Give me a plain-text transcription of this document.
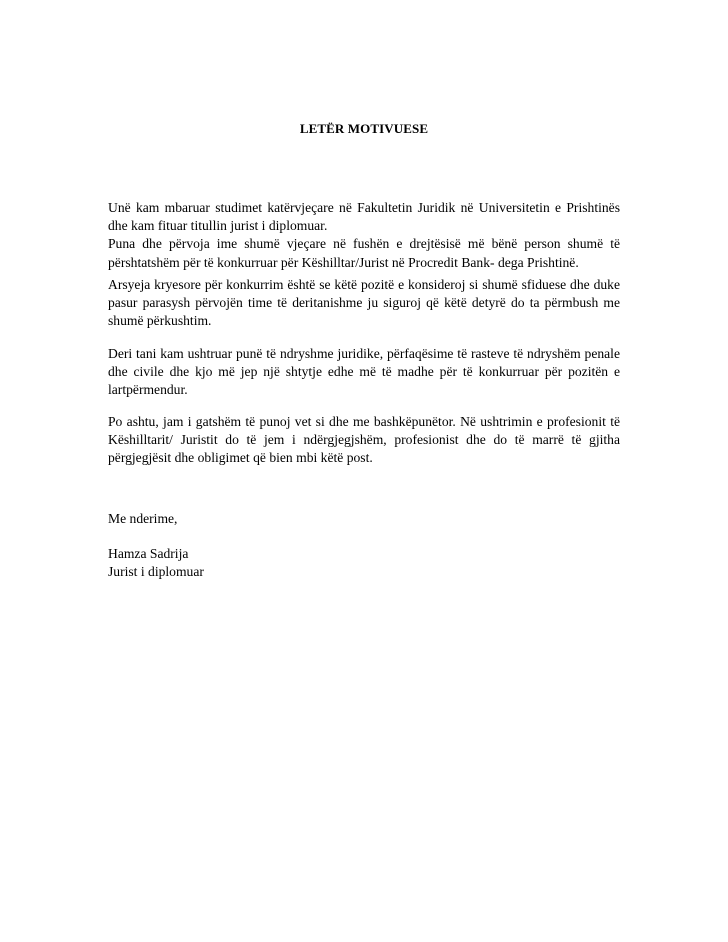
LETËR MOTIVUESE
Unë kam mbaruar studimet katërvjeçare në Fakultetin Juridik në Universitetin e Prishtinës dhe kam fituar titullin jurist i diplomuar.
Puna dhe përvoja ime shumë vjeçare në fushën e drejtësisë më bënë person shumë të përshtatshëm për të konkurruar për Këshilltar/Jurist në Procredit Bank- dega Prishtinë.
Arsyeja kryesore për konkurrim është se këtë pozitë e konsideroj si shumë sfiduese dhe duke pasur parasysh përvojën time të deritanishme ju siguroj që këtë detyrë do ta përmbush me shumë përkushtim.
Deri tani kam ushtruar punë të ndryshme juridike, përfaqësime të rasteve të ndryshëm penale dhe civile dhe kjo më jep një shtytje edhe më të madhe për të konkurruar për pozitën e lartpërmendur.
Po ashtu, jam i gatshëm të punoj vet si dhe me bashkëpunëtor. Në ushtrimin e profesionit të Këshilltarit/ Juristit do të jem i ndërgjegjshëm, profesionist dhe do të marrë të gjitha përgjegjësit dhe obligimet që bien mbi këtë post.
Me nderime,
Hamza Sadrija
Jurist i diplomuar
